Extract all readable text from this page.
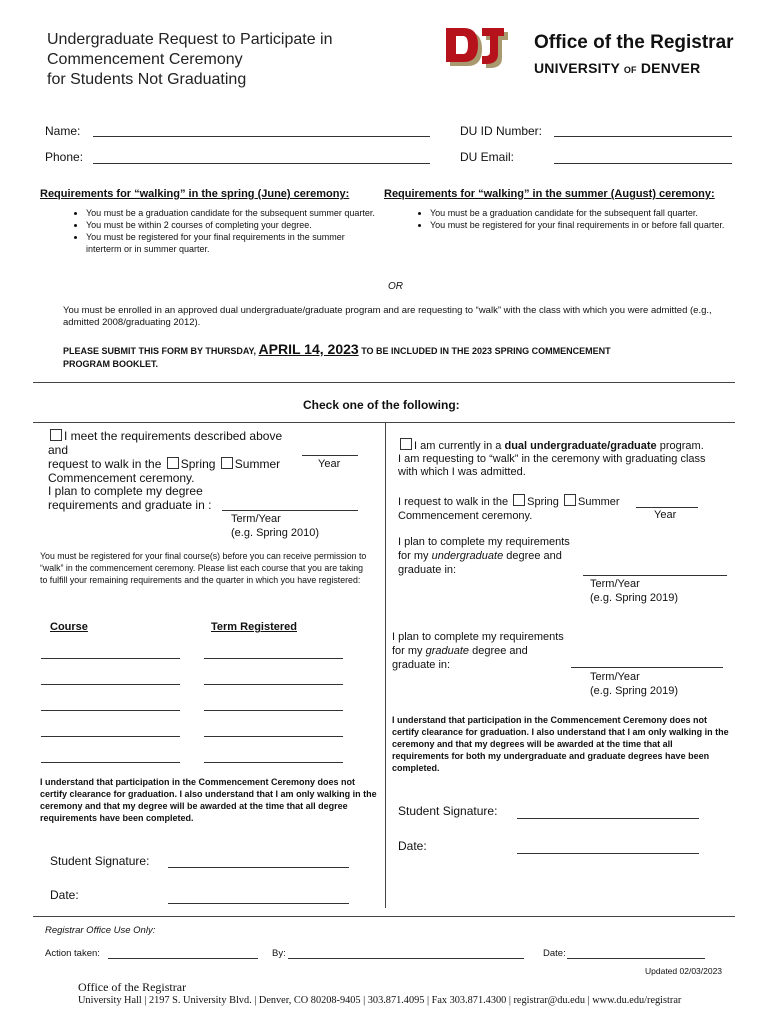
Undergraduate Request to Participate in
Commencement Ceremony
for Students Not Graduating
Office of the Registrar
UNIVERSITY OF DENVER
Name:	DU ID Number:
Phone:	DU Email:
Requirements for “walking” in the spring (June) ceremony:
• You must be a graduation candidate for the subsequent summer quarter.
• You must be within 2 courses of completing your degree.
• You must be registered for your final requirements in the summer interterm or in summer quarter.
Requirements for “walking” in the summer (August) ceremony:
• You must be a graduation candidate for the subsequent fall quarter.
• You must be registered for your final requirements in or before fall quarter.
OR
You must be enrolled in an approved dual undergraduate/graduate program and are requesting to “walk” with the class with which you were admitted (e.g., admitted 2008/graduating 2012).
PLEASE SUBMIT THIS FORM BY THURSDAY, APRIL 14, 2023 TO BE INCLUDED IN THE 2023 SPRING COMMENCEMENT
PROGRAM BOOKLET.
Check one of the following:
I meet the requirements described above and
request to walk in the Spring Summer
Commencement ceremony.
Year
I plan to complete my degree
requirements and graduate in :
Term/Year
(e.g. Spring 2010)
You must be registered for your final course(s) before you can receive permission to “walk” in the commencement ceremony. Please list each course that you are taking to fulfill your remaining requirements and the quarter in which you have registered:
Course	Term Registered
I understand that participation in the Commencement Ceremony does not certify clearance for graduation. I also understand that I am only walking in the ceremony and that my degree will be awarded at the time that all degree requirements have been completed.
Student Signature:
Date:
I am currently in a dual undergraduate/graduate program.
I am requesting to “walk” in the ceremony with graduating class with which I was admitted.
I request to walk in the Spring Summer
Commencement ceremony.	Year
I plan to complete my requirements
for my undergraduate degree and
graduate in:
Term/Year
(e.g. Spring 2019)
I plan to complete my requirements
for my graduate degree and
graduate in:
Term/Year
(e.g. Spring 2019)
I understand that participation in the Commencement Ceremony does not certify clearance for graduation. I also understand that I am only walking in the ceremony and that my degrees will be awarded at the time that all requirements for both my undergraduate and graduate degrees have been completed.
Student Signature:
Date:
Registrar Office Use Only:
Action taken:	By:	Date:
Updated 02/03/2023
Office of the Registrar
University Hall | 2197 S. University Blvd. | Denver, CO 80208-9405 | 303.871.4095 | Fax 303.871.4300 | registrar@du.edu | www.du.edu/registrar
